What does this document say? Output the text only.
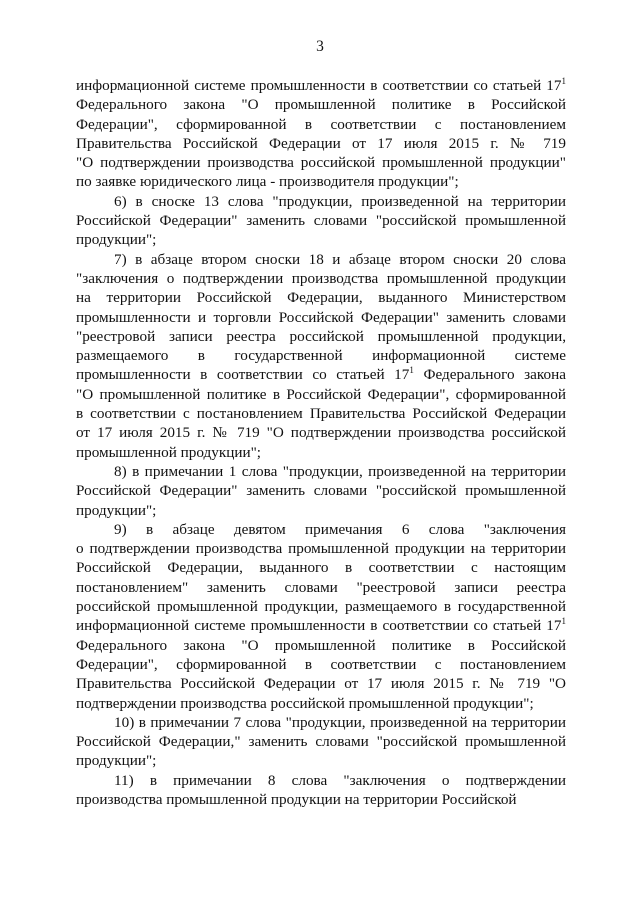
3
информационной системе промышленности в соответствии со статьей $17^1$
Федерального закона "О промышленной политике в Российской
Федерации", сформированной в соответствии с постановлением
Правительства Российской Федерации от 17 июля 2015 г. № 719
"О подтверждении производства российской промышленной продукции"
по заявке юридического лица - производителя продукции";
6) в сноске 13 слова "продукции, произведенной на территории
Российской Федерации" заменить словами "российской промышленной
продукции";
7) в абзаце втором сноски 18 и абзаце втором сноски 20 слова
"заключения о подтверждении производства промышленной продукции
на территории Российской Федерации, выданного Министерством
промышленности и торговли Российской Федерации" заменить словами
"реестровой записи реестра российской промышленной продукции,
размещаемого в государственной информационной системе
промышленности в соответствии со статьей $17^1$ Федерального закона
"О промышленной политике в Российской Федерации", сформированной
в соответствии с постановлением Правительства Российской Федерации
от 17 июля 2015 г. № 719 "О подтверждении производства российской
промышленной продукции";
8) в примечании 1 слова "продукции, произведенной на территории
Российской Федерации" заменить словами "российской промышленной
продукции";
9) в абзаце девятом примечания 6 слова "заключения
о подтверждении производства промышленной продукции на территории
Российской Федерации, выданного в соответствии с настоящим
постановлением" заменить словами "реестровой записи реестра
российской промышленной продукции, размещаемого в государственной
информационной системе промышленности в соответствии со статьей $17^1$
Федерального закона "О промышленной политике в Российской
Федерации", сформированной в соответствии с постановлением
Правительства Российской Федерации от 17 июля 2015 г. № 719 "О
подтверждении производства российской промышленной продукции";
10) в примечании 7 слова "продукции, произведенной на территории
Российской Федерации," заменить словами "российской промышленной
продукции";
11) в примечании 8 слова "заключения о подтверждении
производства промышленной продукции на территории Российской
